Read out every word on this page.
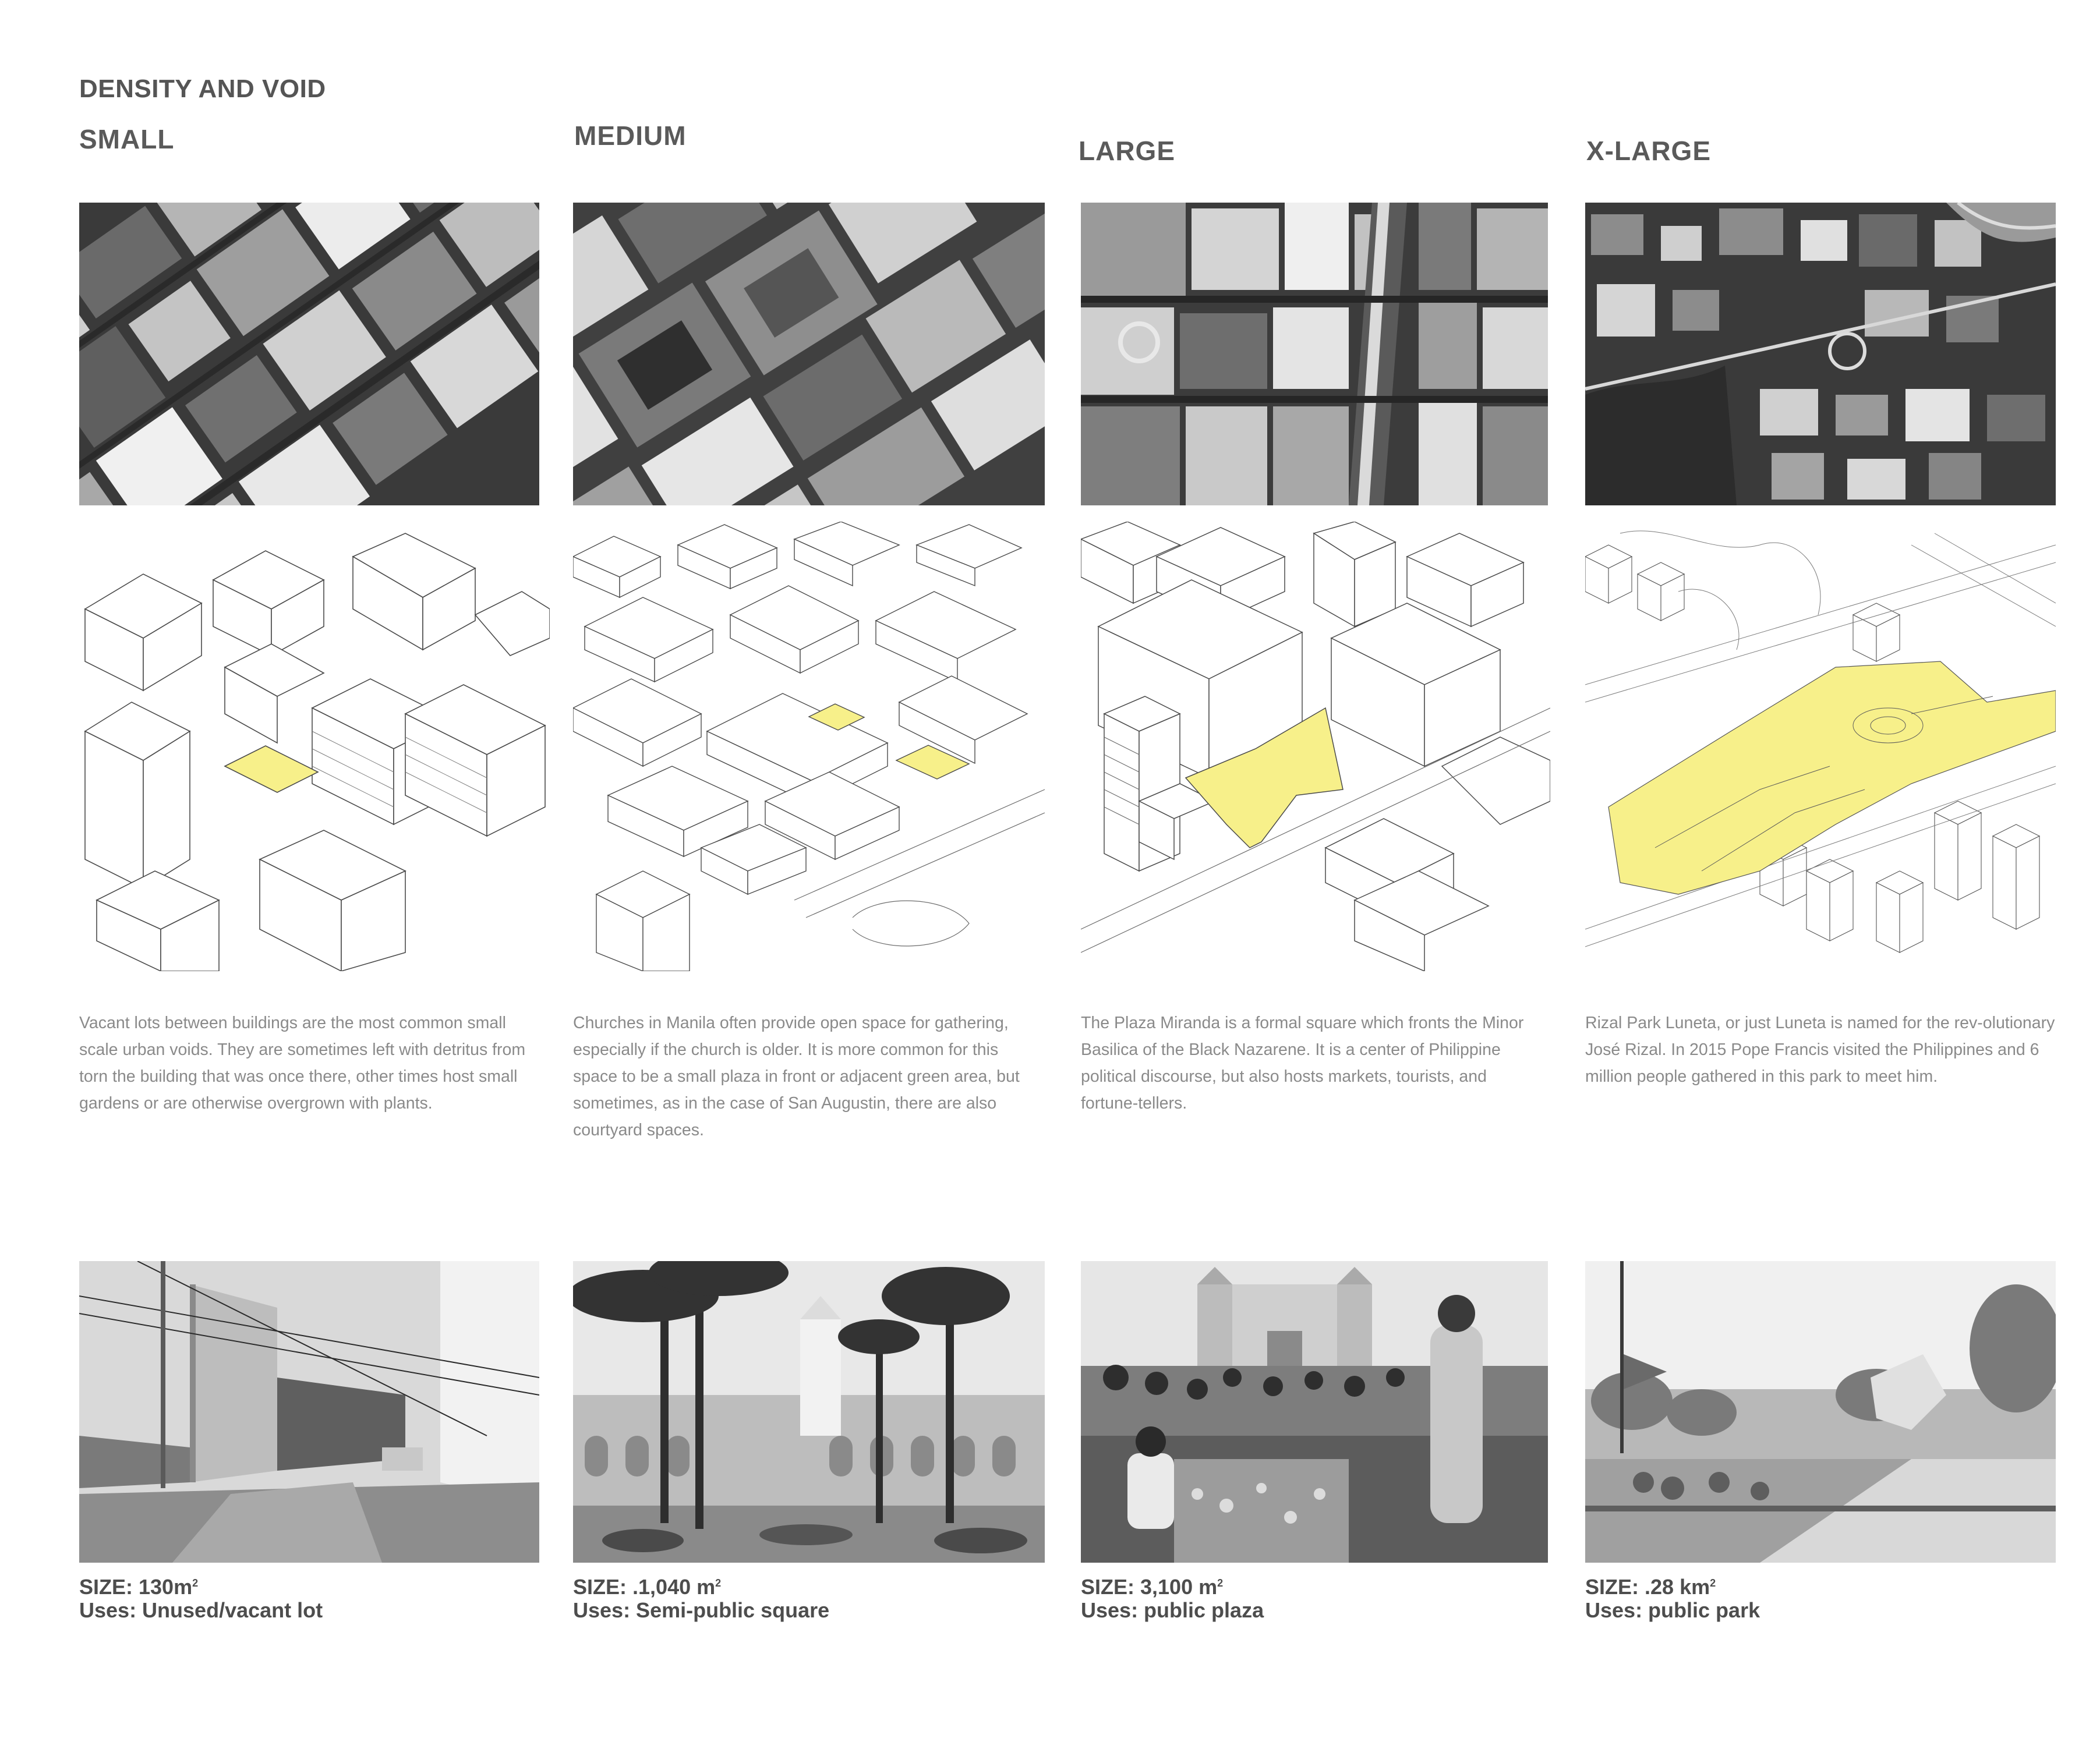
DENSITY AND VOID
SMALL

Vacant lots between buildings are the most common small scale urban voids. They are sometimes left with detritus from torn the building that was once there, other times host small gardens or are otherwise overgrown with plants.

SIZE: $130m^2$
Uses: Unused/vacant lot
MEDIUM

Churches in Manila often provide open space for gathering, especially if the church is older. It is more common for this space to be a small plaza in front or adjacent green area, but sometimes, as in the case of San Augustin, there are also courtyard spaces.

SIZE: .1,040 $m^2$
Uses: Semi-public square
LARGE

The Plaza Miranda is a formal square which fronts the Minor Basilica of the Black Nazarene. It is a center of Philippine political discourse, but also hosts markets, tourists, and fortune-tellers.

SIZE: 3,100 $m^2$
Uses: public plaza
X-LARGE

Rizal Park Luneta, or just Luneta is named for the rev-olutionary José Rizal. In 2015 Pope Francis visited the Philippines and 6 million people gathered in this park to meet him.

SIZE: .28 $km^2$
Uses: public park
